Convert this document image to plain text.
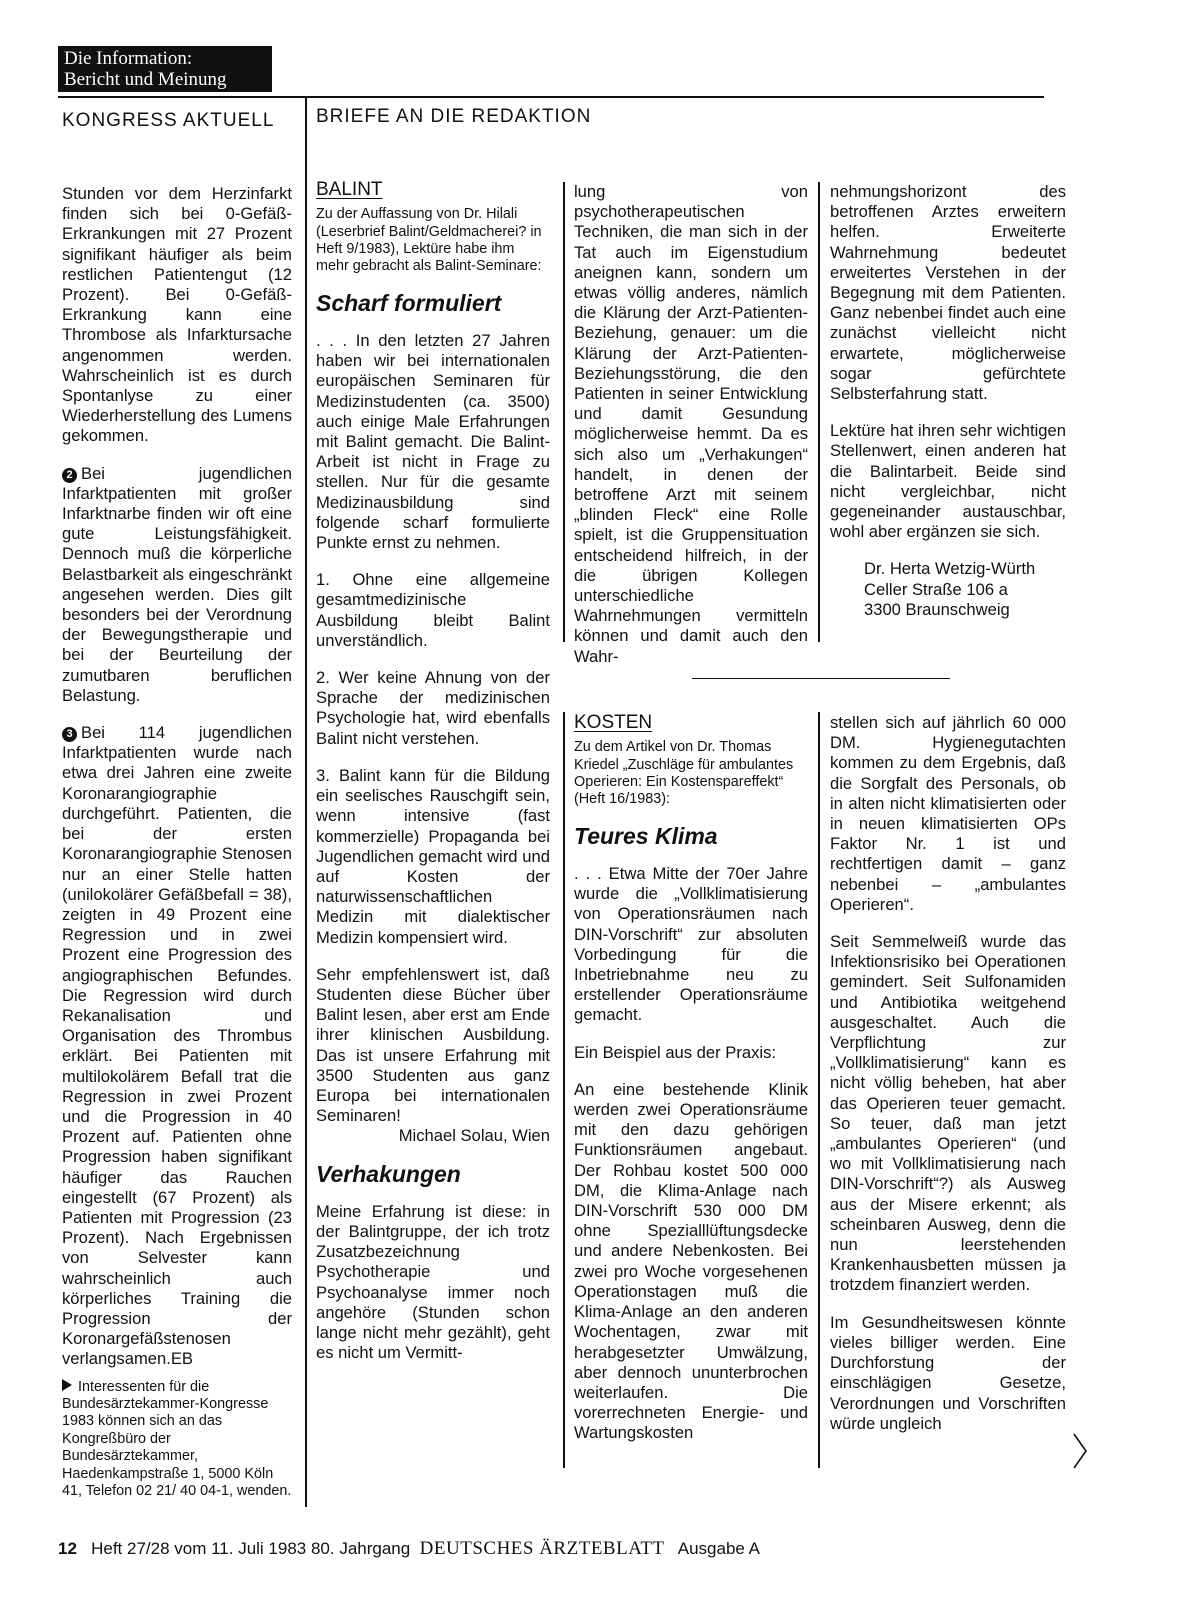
Die Information:
Bericht und Meinung
KONGRESS AKTUELL BRIEFE AN DIE REDAKTION

Stunden vor dem Herzinfarkt finden sich bei 0-Gefäß-Erkrankungen mit 27 Prozent signifikant häufiger als beim restlichen Patientengut (12 Prozent). Bei 0-Gefäß-Erkrankung kann eine Thrombose als Infarktursache angenommen werden. Wahrscheinlich ist es durch Spontanlyse zu einer Wiederherstellung des Lumens gekommen.

2 Bei jugendlichen Infarktpatienten mit großer Infarktnarbe finden wir oft eine gute Leistungsfähigkeit. Dennoch muß die körperliche Belastbarkeit als eingeschränkt angesehen werden. Dies gilt besonders bei der Verordnung der Bewegungstherapie und bei der Beurteilung der zumutbaren beruflichen Belastung.

3 Bei 114 jugendlichen Infarktpatienten wurde nach etwa drei Jahren eine zweite Koronarangiographie durchgeführt. Patienten, die bei der ersten Koronarangiographie Stenosen nur an einer Stelle hatten (unilokolärer Gefäßbefall = 38), zeigten in 49 Prozent eine Regression und in zwei Prozent eine Progression des angiographischen Befundes. Die Regression wird durch Rekanalisation und Organisation des Thrombus erklärt. Bei Patienten mit multilokolärem Befall trat die Regression in zwei Prozent und die Progression in 40 Prozent auf. Patienten ohne Progression haben signifikant häufiger das Rauchen eingestellt (67 Prozent) als Patienten mit Progression (23 Prozent). Nach Ergebnissen von Selvester kann wahrscheinlich auch körperliches Training die Progression der Koronargefäßstenosen verlangsamen.EB

Interessenten für die Bundesärztekammer-Kongresse 1983 können sich an das Kongreßbüro der Bundesärztekammer, Haedenkampstraße 1, 5000 Köln 41, Telefon 02 21/ 40 04-1, wenden.

BALINT

Zu der Auffassung von Dr. Hilali (Leserbrief Balint/Geldmacherei? in Heft 9/1983), Lektüre habe ihm mehr gebracht als Balint-Seminare:

Scharf formuliert

. . . In den letzten 27 Jahren haben wir bei internationalen europäischen Seminaren für Medizinstudenten (ca. 3500) auch einige Male Erfahrungen mit Balint gemacht. Die Balint-Arbeit ist nicht in Frage zu stellen. Nur für die gesamte Medizinausbildung sind folgende scharf formulierte Punkte ernst zu nehmen.

1. Ohne eine allgemeine gesamtmedizinische Ausbildung bleibt Balint unverständlich.

2. Wer keine Ahnung von der Sprache der medizinischen Psychologie hat, wird ebenfalls Balint nicht verstehen.

3. Balint kann für die Bildung ein seelisches Rauschgift sein, wenn intensive (fast kommerzielle) Propaganda bei Jugendlichen gemacht wird und auf Kosten der naturwissenschaftlichen Medizin mit dialektischer Medizin kompensiert wird.

Sehr empfehlenswert ist, daß Studenten diese Bücher über Balint lesen, aber erst am Ende ihrer klinischen Ausbildung. Das ist unsere Erfahrung mit 3500 Studenten aus ganz Europa bei internationalen Seminaren!

Michael Solau, Wien

Verhakungen

Meine Erfahrung ist diese: in der Balintgruppe, der ich trotz Zusatzbezeichnung Psychotherapie und Psychoanalyse immer noch angehöre (Stunden schon lange nicht mehr gezählt), geht es nicht um Vermitt-

lung von psychotherapeutischen Techniken, die man sich in der Tat auch im Eigenstudium aneignen kann, sondern um etwas völlig anderes, nämlich die Klärung der Arzt-Patienten-Beziehung, genauer: um die Klärung der Arzt-Patienten-Beziehungsstörung, die den Patienten in seiner Entwicklung und damit Gesundung möglicherweise hemmt. Da es sich also um „Verhakungen“ handelt, in denen der betroffene Arzt mit seinem „blinden Fleck“ eine Rolle spielt, ist die Gruppensituation entscheidend hilfreich, in der die übrigen Kollegen unterschiedliche Wahrnehmungen vermitteln können und damit auch den Wahr-

nehmungshorizont des betroffenen Arztes erweitern helfen. Erweiterte Wahrnehmung bedeutet erweitertes Verstehen in der Begegnung mit dem Patienten. Ganz nebenbei findet auch eine zunächst vielleicht nicht erwartete, möglicherweise sogar gefürchtete Selbsterfahrung statt.

Lektüre hat ihren sehr wichtigen Stellenwert, einen anderen hat die Balintarbeit. Beide sind nicht vergleichbar, nicht gegeneinander austauschbar, wohl aber ergänzen sie sich.

Dr. Herta Wetzig-Würth
Celler Straße 106 a
3300 Braunschweig
KOSTEN

Zu dem Artikel von Dr. Thomas Kriedel „Zuschläge für ambulantes Operieren: Ein Kostenspareffekt“ (Heft 16/1983):

Teures Klima

. . . Etwa Mitte der 70er Jahre wurde die „Vollklimatisierung von Operationsräumen nach DIN-Vorschrift“ zur absoluten Vorbedingung für die Inbetriebnahme neu zu erstellender Operationsräume gemacht.

Ein Beispiel aus der Praxis:

An eine bestehende Klinik werden zwei Operationsräume mit den dazu gehörigen Funktionsräumen angebaut. Der Rohbau kostet 500 000 DM, die Klima-Anlage nach DIN-Vorschrift 530 000 DM ohne Spezialllüftungsdecke und andere Nebenkosten. Bei zwei pro Woche vorgesehenen Operationstagen muß die Klima-Anlage an den anderen Wochentagen, zwar mit herabgesetzter Umwälzung, aber dennoch ununterbrochen weiterlaufen. Die vorerrechneten Energie- und Wartungskosten

stellen sich auf jährlich 60 000 DM. Hygienegutachten kommen zu dem Ergebnis, daß die Sorgfalt des Personals, ob in alten nicht klimatisierten oder in neuen klimatisierten OPs Faktor Nr. 1 ist und rechtfertigen damit – ganz nebenbei – „ambulantes Operieren“.

Seit Semmelweiß wurde das Infektionsrisiko bei Operationen gemindert. Seit Sulfonamiden und Antibiotika weitgehend ausgeschaltet. Auch die Verpflichtung zur „Vollklimatisierung“ kann es nicht völlig beheben, hat aber das Operieren teuer gemacht. So teuer, daß man jetzt „ambulantes Operieren“ (und wo mit Vollklimatisierung nach DIN-Vorschrift“?) als Ausweg aus der Misere erkennt; als scheinbaren Ausweg, denn die nun leerstehenden Krankenhausbetten müssen ja trotzdem finanziert werden.

Im Gesundheitswesen könnte vieles billiger werden. Eine Durchforstung der einschlägigen Gesetze, Verordnungen und Vorschriften würde ungleich

12 Heft 27/28 vom 11. Juli 1983 80. Jahrgang DEUTSCHES ÄRZTEBLATT Ausgabe A
